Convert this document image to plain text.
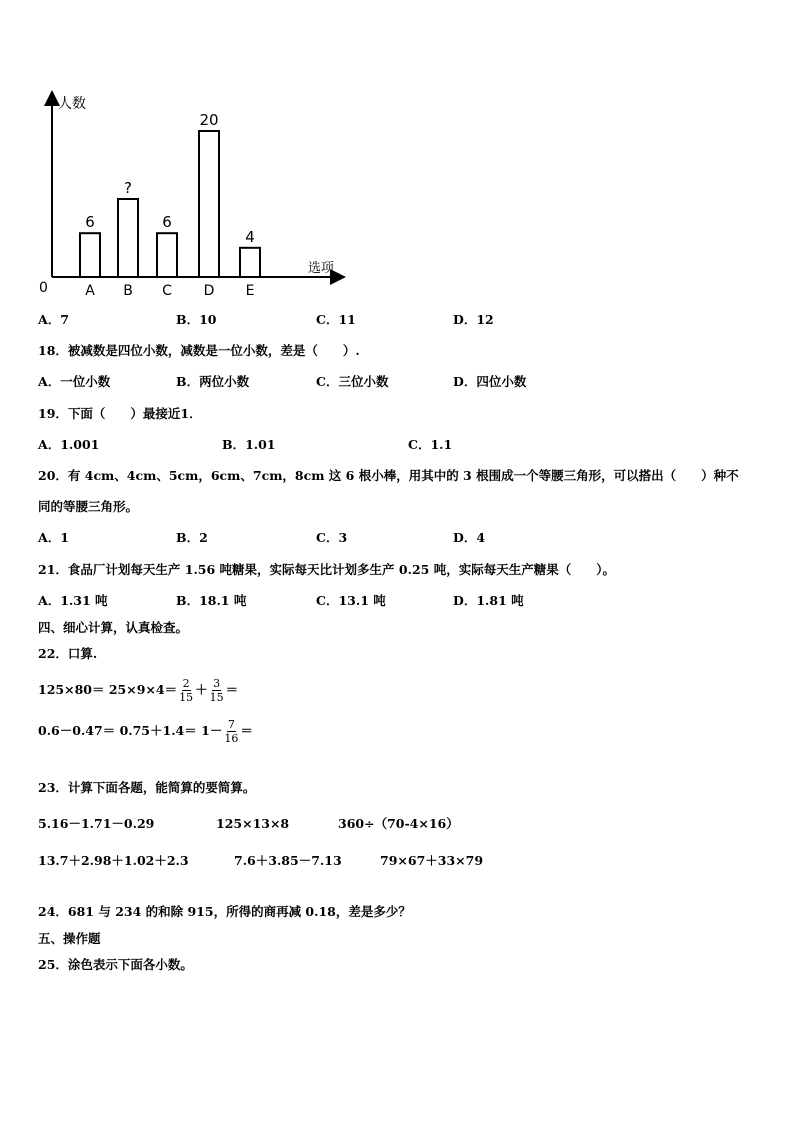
人数
选项
0
6
A
?
B
6
C
20
D
4
E
A．7	B．10	C．11	D．12
18．被减数是四位小数，减数是一位小数，差是（　　）.
A．一位小数	B．两位小数	C．三位小数	D．四位小数
19．下面（　　）最接近1．
A．1.001	B．1.01	C．1.1
20．有 4cm、4cm、5cm，6cm、7cm，8cm 这 6 根小棒，用其中的 3 根围成一个等腰三角形，可以搭出（　　）种不
同的等腰三角形。
A．1	B．2	C．3	D．4
21．食品厂计划每天生产 1.56 吨糖果，实际每天比计划多生产 0.25 吨，实际每天生产糖果（　　）。
A．1.31 吨	B．18.1 吨	C．13.1 吨	D．1.81 吨
四、细心计算，认真检查。
22．口算.
$125\times 80= 25\times 9\times 4= \frac{2}{15} + \frac{3}{15}$ ＝
$0.6-0.47= 0.75+1.4= 1- \frac{7}{16}$ ＝
23．计算下面各题，能简算的要简算。
5.16－1.71－0.29	125×13×8	360÷（70-4×16）
13.7＋2.98＋1.02＋2.3	7.6＋3.85－7.13	79×67＋33×79
24．681 与 234 的和除 915，所得的商再减 0.18，差是多少？
五、操作题
25．涂色表示下面各小数。
